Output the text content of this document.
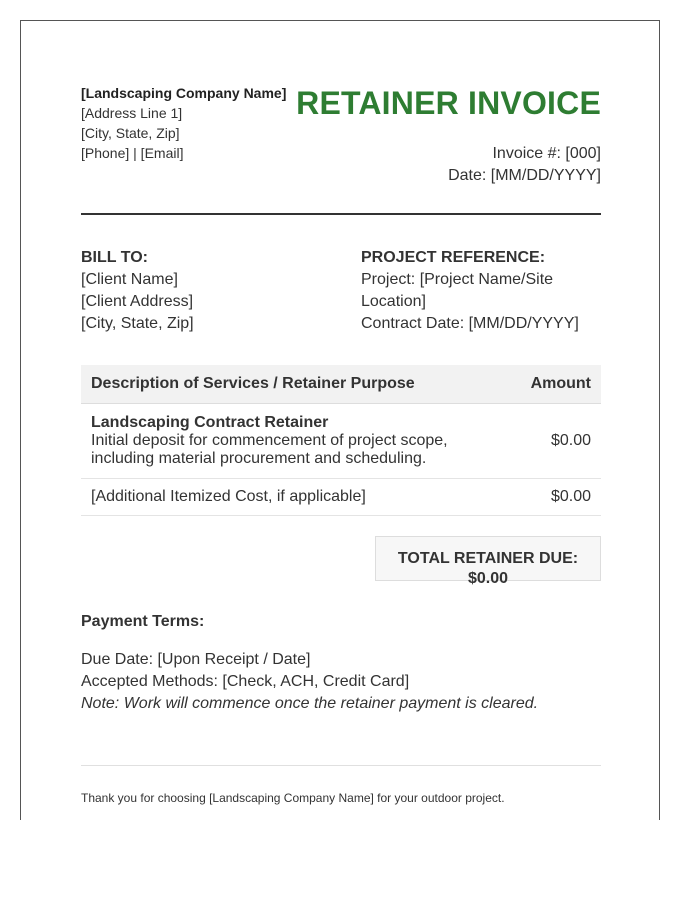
[Landscaping Company Name]
[Address Line 1]
[City, State, Zip]
[Phone] | [Email]
RETAINER INVOICE
Invoice #: [000]
Date: [MM/DD/YYYY]
BILL TO:
[Client Name]
[Client Address]
[City, State, Zip]
PROJECT REFERENCE:
Project: [Project Name/Site Location]
Contract Date: [MM/DD/YYYY]
Description of Services / Retainer Purpose	Amount

Landscaping Contract Retainer
Initial deposit for commencement of project scope, including material procurement and scheduling.	$0.00
[Additional Itemized Cost, if applicable]	$0.00
TOTAL RETAINER DUE: $0.00
Payment Terms:
Due Date: [Upon Receipt / Date]
Accepted Methods: [Check, ACH, Credit Card]
Note: Work will commence once the retainer payment is cleared.
Thank you for choosing [Landscaping Company Name] for your outdoor project.
